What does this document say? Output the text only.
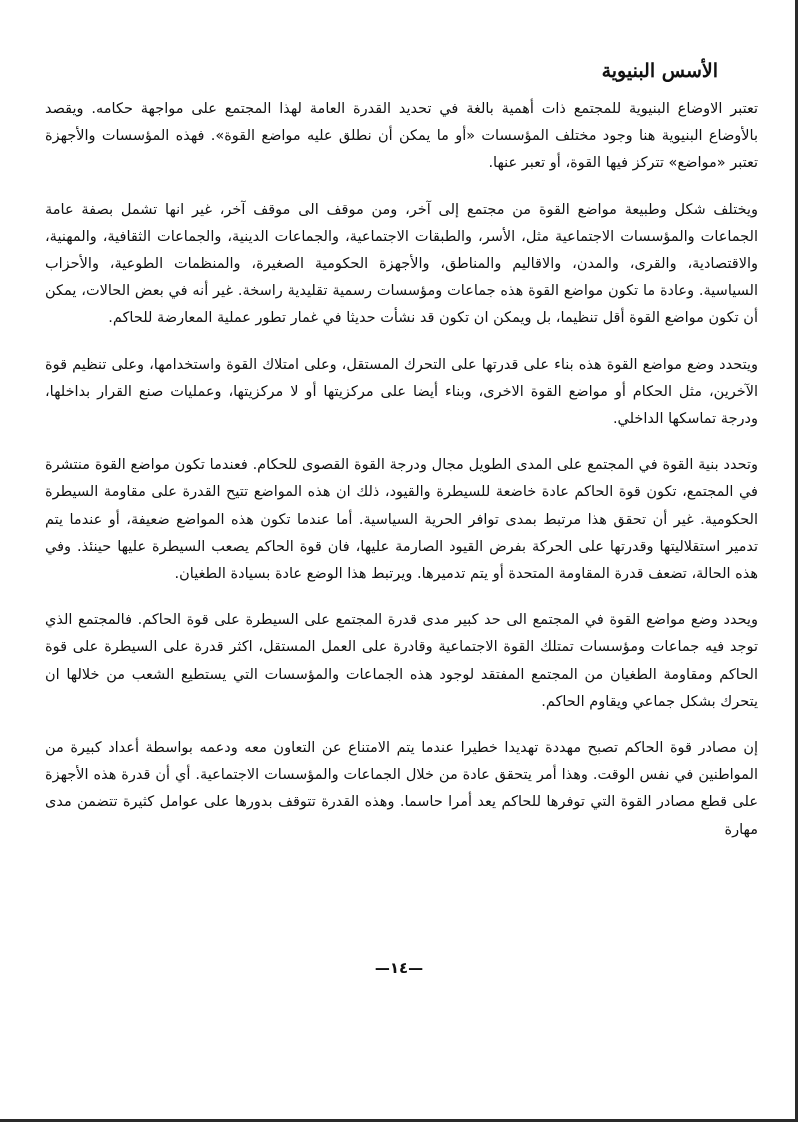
الأسس البنيوية

تعتبر الاوضاع البنيوية للمجتمع ذات أهمية بالغة في تحديد القدرة العامة لهذا المجتمع على مواجهة حكامه. ويقصد بالأوضاع البنيوية هنا وجود مختلف المؤسسات «أو ما يمكن أن نطلق عليه مواضع القوة». فهذه المؤسسات والأجهزة تعتبر «مواضع» تتركز فيها القوة، أو تعبر عنها.

ويختلف شكل وطبيعة مواضع القوة من مجتمع إلى آخر، ومن موقف الى موقف آخر، غير انها تشمل بصفة عامة الجماعات والمؤسسات الاجتماعية مثل، الأسر، والطبقات الاجتماعية، والجماعات الدينية، والجماعات الثقافية، والمهنية، والاقتصادية، والقرى، والمدن، والاقاليم والمناطق، والأجهزة الحكومية الصغيرة، والمنظمات الطوعية، والأحزاب السياسية. وعادة ما تكون مواضع القوة هذه جماعات ومؤسسات رسمية تقليدية راسخة. غير أنه في بعض الحالات، يمكن أن تكون مواضع القوة أقل تنظيما، بل ويمكن ان تكون قد نشأت حديثا في غمار تطور عملية المعارضة للحاكم.

ويتحدد وضع مواضع القوة هذه بناء على قدرتها على التحرك المستقل، وعلى امتلاك القوة واستخدامها، وعلى تنظيم قوة الآخرين، مثل الحكام أو مواضع القوة الاخرى، وبناء أيضا على مركزيتها أو لا مركزيتها، وعمليات صنع القرار بداخلها، ودرجة تماسكها الداخلي.

وتحدد بنية القوة في المجتمع على المدى الطويل مجال ودرجة القوة القصوى للحكام. فعندما تكون مواضع القوة منتشرة في المجتمع، تكون قوة الحاكم عادة خاضعة للسيطرة والقيود، ذلك ان هذه المواضع تتيح القدرة على مقاومة السيطرة الحكومية. غير أن تحقق هذا مرتبط بمدى توافر الحرية السياسية. أما عندما تكون هذه المواضع ضعيفة، أو عندما يتم تدمير استقلاليتها وقدرتها على الحركة بفرض القيود الصارمة عليها، فان قوة الحاكم يصعب السيطرة عليها حينئذ. وفي هذه الحالة، تضعف قدرة المقاومة المتحدة أو يتم تدميرها. ويرتبط هذا الوضع عادة بسيادة الطغيان.

ويحدد وضع مواضع القوة في المجتمع الى حد كبير مدى قدرة المجتمع على السيطرة على قوة الحاكم. فالمجتمع الذي توجد فيه جماعات ومؤسسات تمتلك القوة الاجتماعية وقادرة على العمل المستقل، اكثر قدرة على السيطرة على قوة الحاكم ومقاومة الطغيان من المجتمع المفتقد لوجود هذه الجماعات والمؤسسات التي يستطيع الشعب من خلالها ان يتحرك بشكل جماعي ويقاوم الحاكم.

إن مصادر قوة الحاكم تصبح مهددة تهديدا خطيرا عندما يتم الامتناع عن التعاون معه ودعمه بواسطة أعداد كبيرة من المواطنين في نفس الوقت. وهذا أمر يتحقق عادة من خلال الجماعات والمؤسسات الاجتماعية. أي أن قدرة هذه الأجهزة على قطع مصادر القوة التي توفرها للحاكم يعد أمرا حاسما. وهذه القدرة تتوقف بدورها على عوامل كثيرة تتضمن مدى مهارة

—١٤—
